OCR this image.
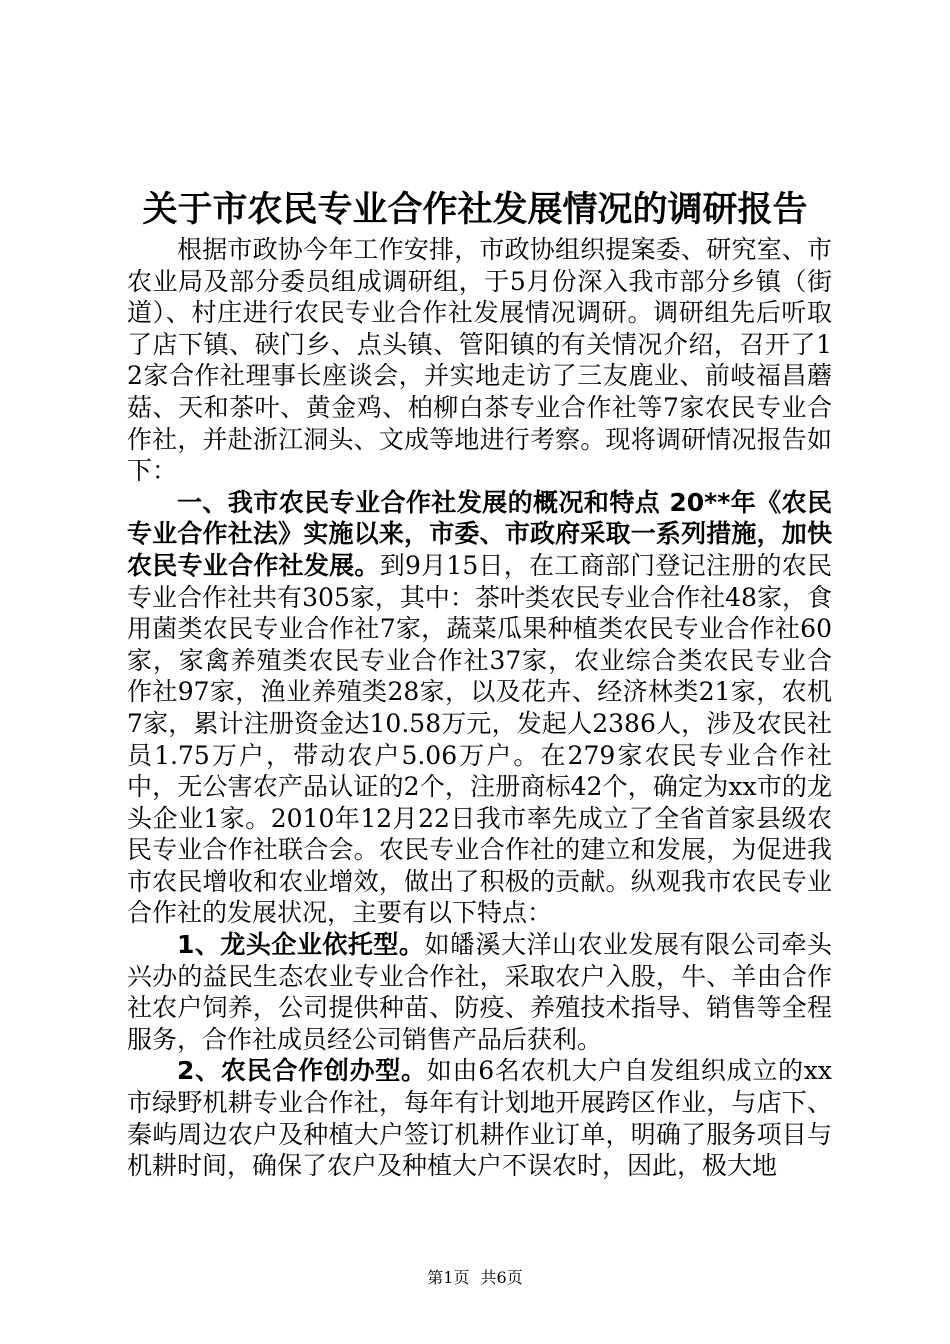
关于市农民专业合作社发展情况的调研报告

根据市政协今年工作安排，市政协组织提案委、研究室、市农业局及部分委员组成调研组，于5月份深入我市部分乡镇（街道）、村庄进行农民专业合作社发展情况调研。调研组先后听取了店下镇、硖门乡、点头镇、管阳镇的有关情况介绍，召开了12家合作社理事长座谈会，并实地走访了三友鹿业、前岐福昌蘑菇、天和茶叶、黄金鸡、柏柳白茶专业合作社等7家农民专业合作社，并赴浙江洞头、文成等地进行考察。现将调研情况报告如下：

一、我市农民专业合作社发展的概况和特点 20**年《农民专业合作社法》实施以来，市委、市政府采取一系列措施，加快农民专业合作社发展。到9月15日，在工商部门登记注册的农民专业合作社共有305家，其中：茶叶类农民专业合作社48家，食用菌类农民专业合作社7家，蔬菜瓜果种植类农民专业合作社60家，家禽养殖类农民专业合作社37家，农业综合类农民专业合作社97家，渔业养殖类28家，以及花卉、经济林类21家，农机7家，累计注册资金达10.58万元，发起人2386人，涉及农民社员1.75万户，带动农户5.06万户。在279家农民专业合作社中，无公害农产品认证的2个，注册商标42个，确定为xx市的龙头企业1家。2010年12月22日我市率先成立了全省首家县级农民专业合作社联合会。农民专业合作社的建立和发展，为促进我市农民增收和农业增效，做出了积极的贡献。纵观我市农民专业合作社的发展状况，主要有以下特点：

1、龙头企业依托型。如皤溪大洋山农业发展有限公司牵头兴办的益民生态农业专业合作社，采取农户入股，牛、羊由合作社农户饲养，公司提供种苗、防疫、养殖技术指导、销售等全程服务，合作社成员经公司销售产品后获利。

2、农民合作创办型。如由6名农机大户自发组织成立的xx市绿野机耕专业合作社，每年有计划地开展跨区作业，与店下、秦屿周边农户及种植大户签订机耕作业订单，明确了服务项目与机耕时间，确保了农户及种植大户不误农时，因此，极大地

第1页 共6页
